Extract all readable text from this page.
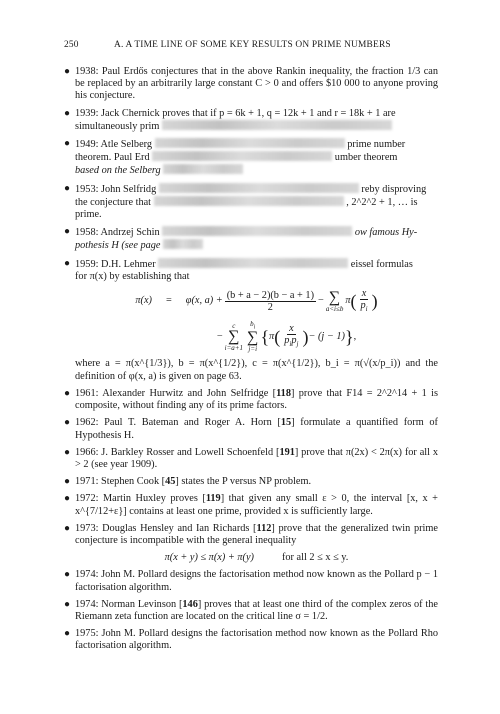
250	A. A TIME LINE OF SOME KEY RESULTS ON PRIME NUMBERS
● 1938: Paul Erdős conjectures that in the above Rankin inequality, the fraction 1/3 can be replaced by an arbitrarily large constant C > 0 and offers $10 000 to anyone proving his conjecture.
● 1939: Jack Chernick proves that if p = 6k + 1, q = 12k + 1 and r = 18k + 1 are
simultaneously prim
● 1949: Atle Selberg	prime number
theorem. Paul Erd	umber theorem
based on the Selberg
● 1953: John Selfridg	reby disproving
the conjecture that	, 2^2^2 + 1, … is
prime.
● 1958: Andrzej Schin	ow famous Hy-
pothesis H (see page
● 1959: D.H. Lehmer	eissel formulas
for π(x) by establishing that
π(x) = φ(x, $a) + \frac{(b + a - 2)(b - a + 1)}{2}$ − ∑
a<i≤b
π ( $\frac{x}{p_i}$ )
−
c
∑
i=a+1
$b_i$
∑
j=i
{ π ( $\frac{x}{p_ip_j}$ ) − (j − 1) } ,
where a = π(x^{1/3}), b = π(x^{1/2}), c = π(x^{1/2}), b_i = π(√(x/p_i)) and the definition of φ(x, a) is given on page 63.
● 1961: Alexander Hurwitz and John Selfridge [118] prove that F14 = 2^2^14 + 1 is composite, without finding any of its prime factors.
● 1962: Paul T. Bateman and Roger A. Horn [15] formulate a quantified form of Hypothesis H.
● 1966: J. Barkley Rosser and Lowell Schoenfeld [191] prove that π(2x) < 2π(x) for all x > 2 (see year 1909).
● 1971: Stephen Cook [45] states the P versus NP problem.
● 1972: Martin Huxley proves [119] that given any small ε > 0, the interval [x, x + x^{7/12+ε}] contains at least one prime, provided x is sufficiently large.
● 1973: Douglas Hensley and Ian Richards [112] prove that the generalized twin prime conjecture is incompatible with the general inequality
π(x + y) ≤ π(x) + π(y)	for all 2 ≤ x ≤ y.
● 1974: John M. Pollard designs the factorisation method now known as the Pollard p − 1 factorisation algorithm.
● 1974: Norman Levinson [146] proves that at least one third of the complex zeros of the Riemann zeta function are located on the critical line σ = 1/2.
● 1975: John M. Pollard designs the factorisation method now known as the Pollard Rho factorisation algorithm.
